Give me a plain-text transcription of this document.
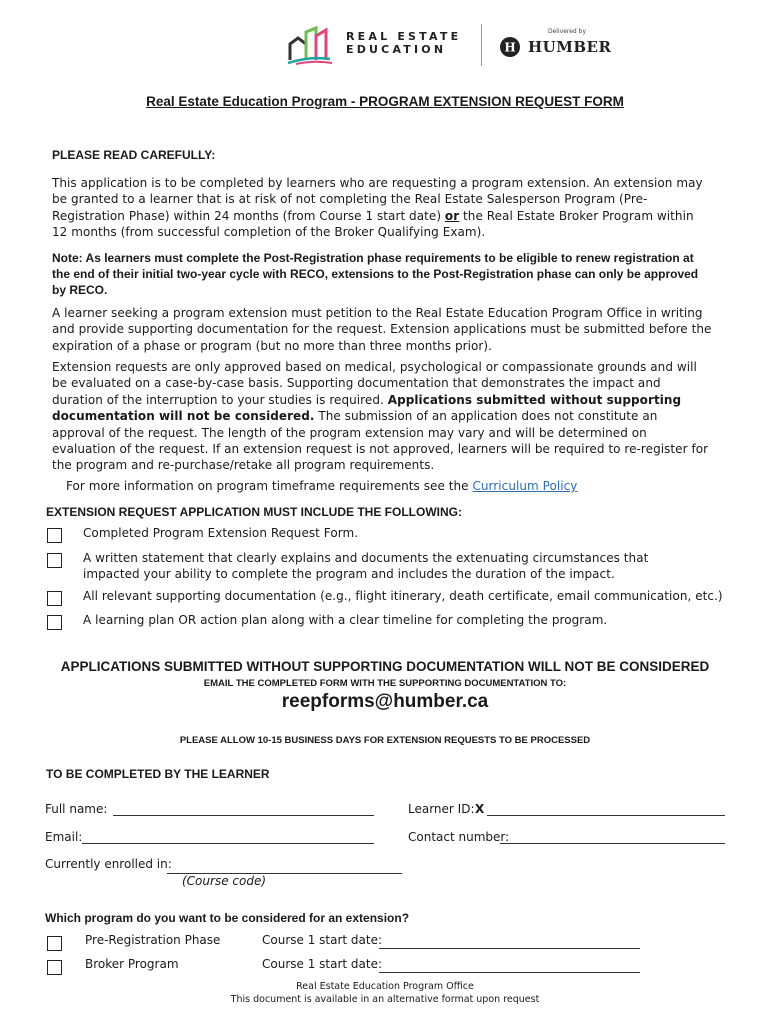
REAL ESTATE
EDUCATION
Delivered by
H HUMBER
Real Estate Education Program - PROGRAM EXTENSION REQUEST FORM
PLEASE READ CAREFULLY:
This application is to be completed by learners who are requesting a program extension. An extension may be granted to a learner that is at risk of not completing the Real Estate Salesperson Program (Pre-Registration Phase) within 24 months (from Course 1 start date) or the Real Estate Broker Program within 12 months (from successful completion of the Broker Qualifying Exam).
Note: As learners must complete the Post-Registration phase requirements to be eligible to renew registration at the end of their initial two-year cycle with RECO, extensions to the Post-Registration phase can only be approved by RECO.
A learner seeking a program extension must petition to the Real Estate Education Program Office in writing and provide supporting documentation for the request. Extension applications must be submitted before the expiration of a phase or program (but no more than three months prior).
Extension requests are only approved based on medical, psychological or compassionate grounds and will be evaluated on a case-by-case basis. Supporting documentation that demonstrates the impact and duration of the interruption to your studies is required. Applications submitted without supporting documentation will not be considered. The submission of an application does not constitute an approval of the request. The length of the program extension may vary and will be determined on evaluation of the request. If an extension request is not approved, learners will be required to re-register for the program and re-purchase/retake all program requirements.
For more information on program timeframe requirements see the Curriculum Policy
EXTENSION REQUEST APPLICATION MUST INCLUDE THE FOLLOWING:
Completed Program Extension Request Form.
A written statement that clearly explains and documents the extenuating circumstances that impacted your ability to complete the program and includes the duration of the impact.
All relevant supporting documentation (e.g., flight itinerary, death certificate, email communication, etc.)
A learning plan OR action plan along with a clear timeline for completing the program.
APPLICATIONS SUBMITTED WITHOUT SUPPORTING DOCUMENTATION WILL NOT BE CONSIDERED
EMAIL THE COMPLETED FORM WITH THE SUPPORTING DOCUMENTATION TO:
reepforms@humber.ca
PLEASE ALLOW 10-15 BUSINESS DAYS FOR EXTENSION REQUESTS TO BE PROCESSED
TO BE COMPLETED BY THE LEARNER
Full name:	Learner ID: X
Email:	Contact number:
Currently enrolled in:
(Course code)
Which program do you want to be considered for an extension?
Pre-Registration Phase	Course 1 start date:
Broker Program	Course 1 start date:
Real Estate Education Program Office
This document is available in an alternative format upon request
